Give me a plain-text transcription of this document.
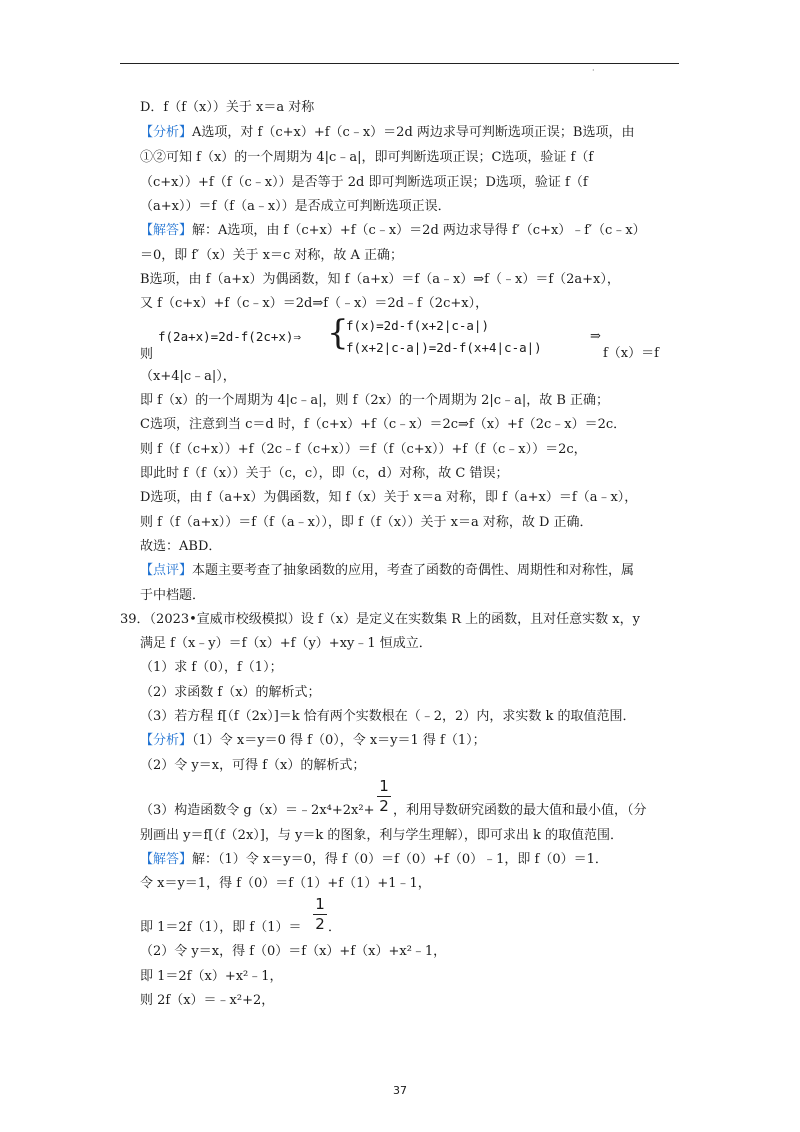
·
D．f（f（x））关于 x＝a 对称
【分析】A选项，对 f（c+x）+f（c﹣x）＝2d 两边求导可判断选项正误；B选项，由
①②可知 f（x）的一个周期为 4|c﹣a|，即可判断选项正误；C选项，验证 f（f
（c+x））+f（f（c﹣x））是否等于 2d 即可判断选项正误；D选项，验证 f（f
（a+x））＝f（f（a﹣x））是否成立可判断选项正误．
【解答】解：A选项，由 f（c+x）+f（c﹣x）＝2d 两边求导得 f′（c+x）﹣f′（c﹣x）
＝0，即 f′（x）关于 x＝c 对称，故 A 正确；
B选项，由 f（a+x）为偶函数，知 f（a+x）＝f（a﹣x）⇒f（﹣x）＝f（2a+x），
又 f（c+x）+f（c﹣x）＝2d⇒f（﹣x）＝2d﹣f（2c+x），
则
f(2a+x)=2d-f(2c+x)⇒ {
f(x)=2d-f(x+2|c-a|)
f(x+2|c-a|)=2d-f(x+4|c-a|)
⇒
f（x）＝f
（x+4|c﹣a|），
即 f（x）的一个周期为 4|c﹣a|，则 f（2x）的一个周期为 2|c﹣a|，故 B 正确；
C选项，注意到当 c＝d 时，f（c+x）+f（c﹣x）＝2c⇒f（x）+f（2c﹣x）＝2c．
则 f（f（c+x））+f（2c﹣f（c+x））＝f（f（c+x））+f（f（c﹣x））＝2c，
即此时 f（f（x））关于（c，c），即（c，d）对称，故 C 错误；
D选项，由 f（a+x）为偶函数，知 f（x）关于 x＝a 对称，即 f（a+x）＝f（a﹣x），
则 f（f（a+x））＝f（f（a﹣x）），即 f（f（x））关于 x＝a 对称，故 D 正确．
故选：ABD．
【点评】本题主要考查了抽象函数的应用，考查了函数的奇偶性、周期性和对称性，属
于中档题．
39．（2023•宣威市校级模拟）设 f（x）是定义在实数集 R 上的函数，且对任意实数 x，y
满足 f（x﹣y）＝f（x）+f（y）+xy﹣1 恒成立．
（1）求 f（0），f（1）；
（2）求函数 f（x）的解析式；
（3）若方程 f[（f（2x）]＝k 恰有两个实数根在（﹣2，2）内，求实数 k 的取值范围．
【分析】（1）令 x＝y＝0 得 f（0），令 x＝y＝1 得 f（1）；
（2）令 y＝x，可得 f（x）的解析式；
（3）构造函数令 g（x）＝﹣2x⁴+2x²+
1
2 ，利用导数研究函数的最大值和最小值，（分
别画出 y＝f[（f（2x）]，与 y＝k 的图象，利与学生理解），即可求出 k 的取值范围．
【解答】解：（1）令 x＝y＝0，得 f（0）＝f（0）+f（0）﹣1，即 f（0）＝1．
令 x＝y＝1，得 f（0）＝f（1）+f（1）+1﹣1，
即 1＝2f（1），即 f（1）＝
1
2 ．
（2）令 y＝x，得 f（0）＝f（x）+f（x）+x²﹣1，
即 1＝2f（x）+x²﹣1，
则 2f（x）＝﹣x²+2，
37
